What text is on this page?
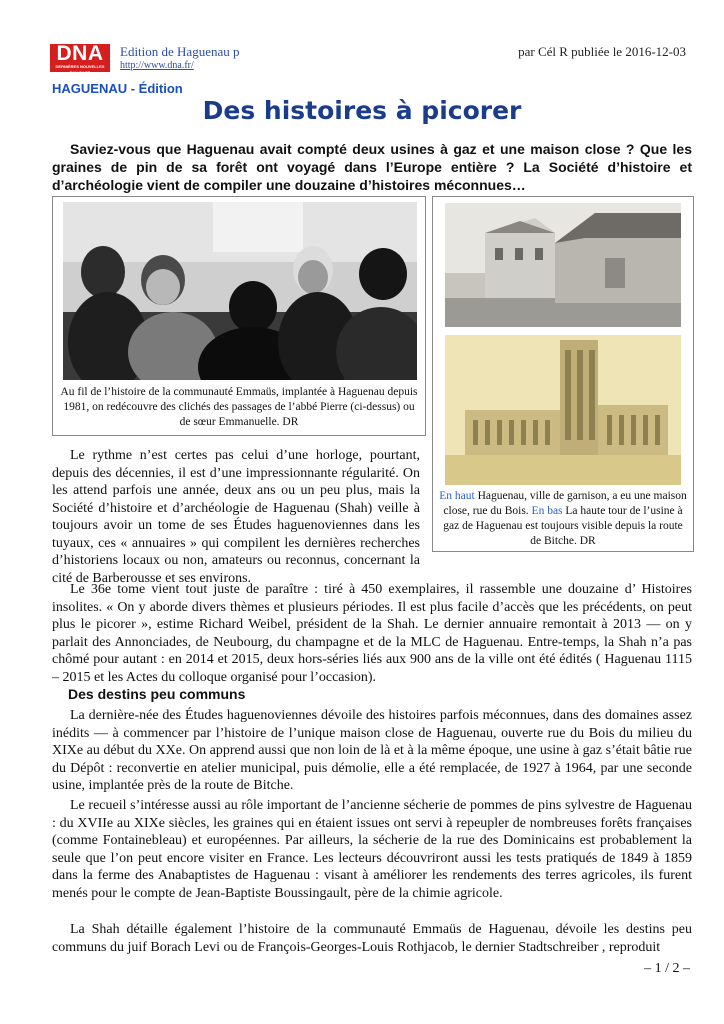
DNA
DERNIÈRES NOUVELLES D'ALSACE
Edition de Haguenau p
http://www.dna.fr/
par Cél R publiée le 2016-12-03
HAGUENAU - Édition
Des histoires à picorer
Saviez-vous que Haguenau avait compté deux usines à gaz et une maison close ? Que les graines de pin de sa forêt ont voyagé dans l’Europe entière ? La Société d’histoire et d’archéologie vient de compiler une douzaine d’histoires méconnues…
Au fil de l’histoire de la communauté Emmaüs, implantée à Haguenau depuis 1981, on redécouvre des clichés des passages de l’abbé Pierre (ci-dessus) ou de sœur Emmanuelle. DR
En haut Haguenau, ville de garnison, a eu une maison close, rue du Bois. En bas La haute tour de l’usine à gaz de Haguenau est toujours visible depuis la route de Bitche. DR
Le rythme n’est certes pas celui d’une horloge, pourtant, depuis des décennies, il est d’une impressionnante régularité. On les attend parfois une année, deux ans ou un peu plus, mais la Société d’histoire et d’archéologie de Haguenau (Shah) veille à toujours avoir un tome de ses Études haguenoviennes dans les tuyaux, ces « annuaires » qui compilent les dernières recherches d’historiens locaux ou non, amateurs ou reconnus, concernant la cité de Barberousse et ses environs.
Le 36e tome vient tout juste de paraître : tiré à 450 exemplaires, il rassemble une douzaine d’ Histoires insolites. « On y aborde divers thèmes et plusieurs périodes. Il est plus facile d’accès que les précédents, on peut plus le picorer », estime Richard Weibel, président de la Shah. Le dernier annuaire remontait à 2013 — on y parlait des Annonciades, de Neubourg, du champagne et de la MLC de Haguenau. Entre-temps, la Shah n’a pas chômé pour autant : en 2014 et 2015, deux hors-séries liés aux 900 ans de la ville ont été édités ( Haguenau 1115 – 2015 et les Actes du colloque organisé pour l’occasion).
Des destins peu communs
La dernière-née des Études haguenoviennes dévoile des histoires parfois méconnues, dans des domaines assez inédits — à commencer par l’histoire de l’unique maison close de Haguenau, ouverte rue du Bois du milieu du XIXe au début du XXe. On apprend aussi que non loin de là et à la même époque, une usine à gaz s’était bâtie rue du Dépôt : reconvertie en atelier municipal, puis démolie, elle a été remplacée, de 1927 à 1964, par une seconde usine, implantée près de la route de Bitche.
Le recueil s’intéresse aussi au rôle important de l’ancienne sécherie de pommes de pins sylvestre de Haguenau : du XVIIe au XIXe siècles, les graines qui en étaient issues ont servi à repeupler de nombreuses forêts françaises (comme Fontainebleau) et européennes. Par ailleurs, la sécherie de la rue des Dominicains est probablement la seule que l’on peut encore visiter en France. Les lecteurs découvriront aussi les tests pratiqués de 1849 à 1859 dans la ferme des Anabaptistes de Haguenau : visant à améliorer les rendements des terres agricoles, ils furent menés pour le compte de Jean-Baptiste Boussingault, père de la chimie agricole.
La Shah détaille également l’histoire de la communauté Emmaüs de Haguenau, dévoile les destins peu communs du juif Borach Levi ou de François-Georges-Louis Rothjacob, le dernier Stadtschreiber , reproduit
– 1 / 2 –
